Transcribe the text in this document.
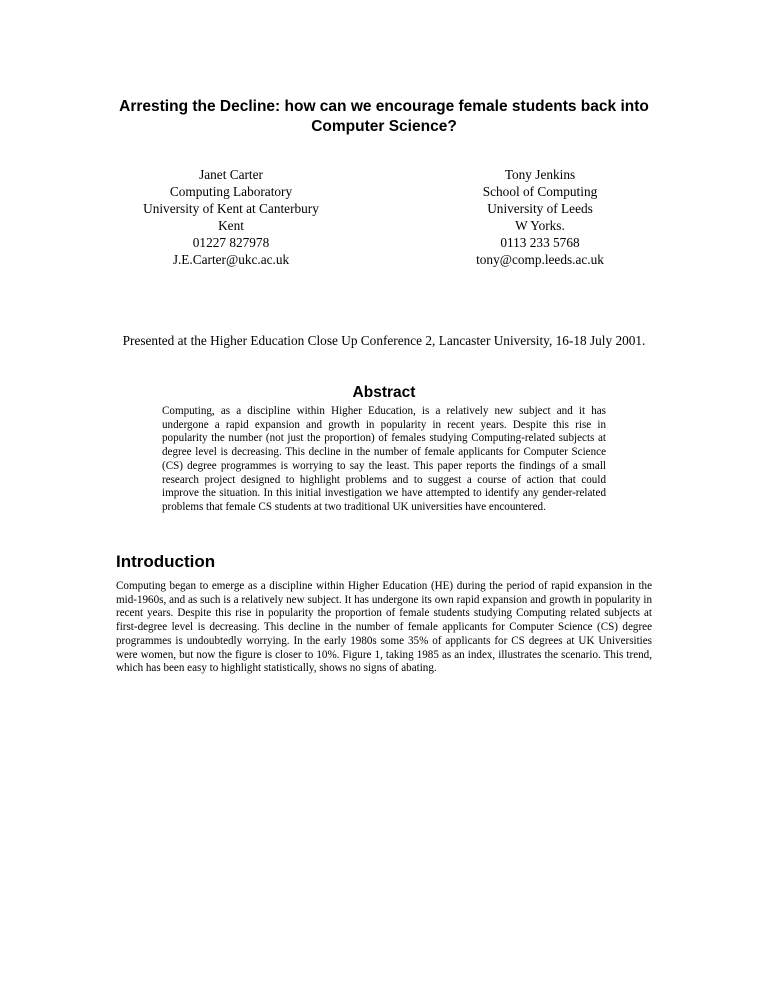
Arresting the Decline: how can we encourage female students back into Computer Science?
Janet Carter
Computing Laboratory
University of Kent at Canterbury
Kent
01227 827978
J.E.Carter@ukc.ac.uk
Tony Jenkins
School of Computing
University of Leeds
W Yorks.
0113 233 5768
tony@comp.leeds.ac.uk

Presented at the Higher Education Close Up Conference 2, Lancaster University, 16-18 July 2001.

Abstract

Computing, as a discipline within Higher Education, is a relatively new subject and it has undergone a rapid expansion and growth in popularity in recent years. Despite this rise in popularity the number (not just the proportion) of females studying Computing-related subjects at degree level is decreasing. This decline in the number of female applicants for Computer Science (CS) degree programmes is worrying to say the least. This paper reports the findings of a small research project designed to highlight problems and to suggest a course of action that could improve the situation. In this initial investigation we have attempted to identify any gender-related problems that female CS students at two traditional UK universities have encountered.

Introduction

Computing began to emerge as a discipline within Higher Education (HE) during the period of rapid expansion in the mid-1960s, and as such is a relatively new subject. It has undergone its own rapid expansion and growth in popularity in recent years. Despite this rise in popularity the proportion of female students studying Computing related subjects at first-degree level is decreasing. This decline in the number of female applicants for Computer Science (CS) degree programmes is undoubtedly worrying. In the early 1980s some 35% of applicants for CS degrees at UK Universities were women, but now the figure is closer to 10%. Figure 1, taking 1985 as an index, illustrates the scenario. This trend, which has been easy to highlight statistically, shows no signs of abating.
